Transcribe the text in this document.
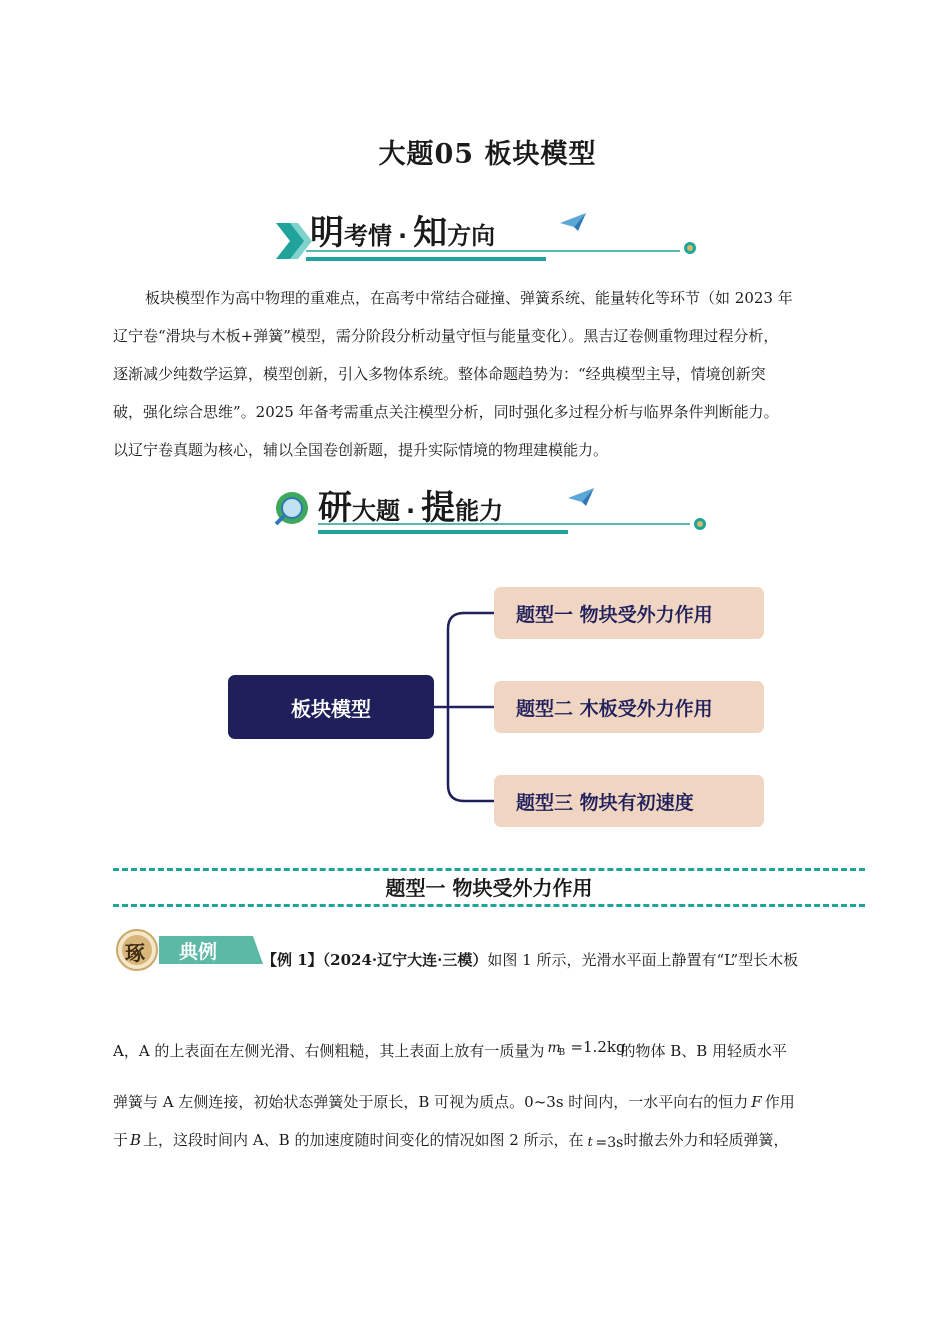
大题05 板块模型
明考情 · 知方向

板块模型作为高中物理的重难点，在高考中常结合碰撞、弹簧系统、能量转化等环节（如 2023 年

辽宁卷“滑块与木板+弹簧”模型，需分阶段分析动量守恒与能量变化）。黑吉辽卷侧重物理过程分析，

逐渐减少纯数学运算，模型创新，引入多物体系统。整体命题趋势为：“经典模型主导，情境创新突

破，强化综合思维”。2025 年备考需重点关注模型分析，同时强化多过程分析与临界条件判断能力。

以辽宁卷真题为核心，辅以全国卷创新题，提升实际情境的物理建模能力。

研大题 · 提能力
板块模型
题型一 物块受外力作用
题型二 木板受外力作用
题型三 物块有初速度
题型一 物块受外力作用
琢 典例	【例 1】（2024·辽宁大连·三模）如图 1 所示，光滑水平面上静置有“L”型长木板
A，A 的上表面在左侧光滑、右侧粗糙，其上表面上放有一质量为 m
B =1.2kg
的物体 B、B 用轻质水平
弹簧与 A 左侧连接，初始状态弹簧处于原长，B 可视为质点。0~3s 时间内，一水平向右的恒力 F 作用
于 B 上，这段时间内 A、B 的加速度随时间变化的情况如图 2 所示，在 t =3s 时撤去外力和轻质弹簧，
